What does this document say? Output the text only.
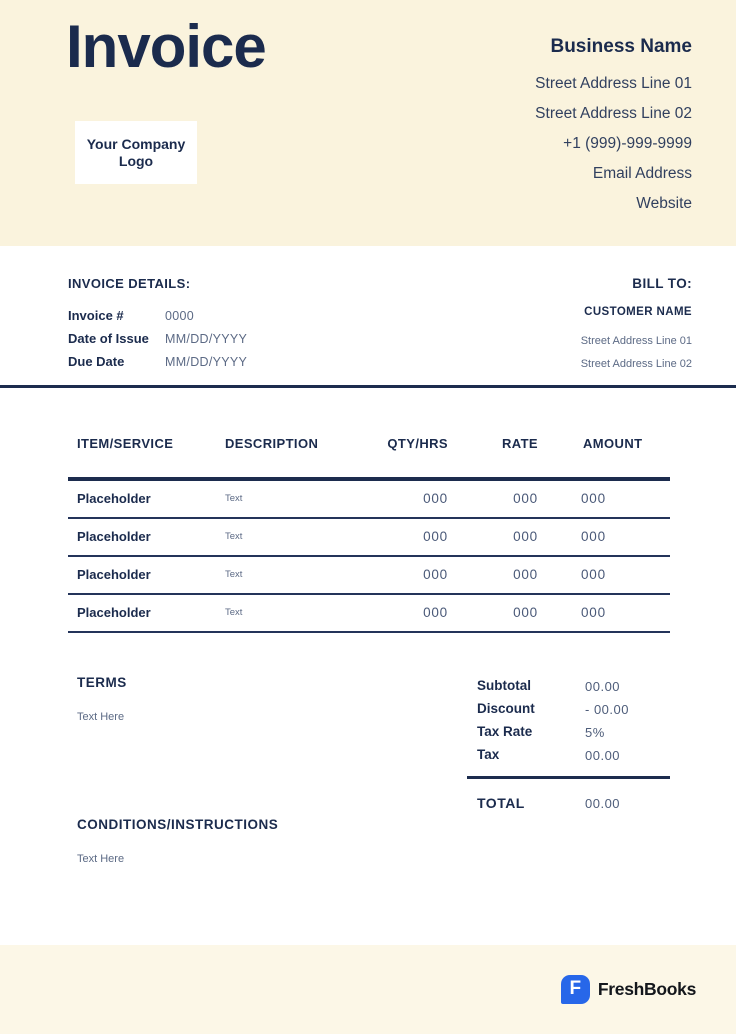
Invoice
Your Company Logo
Business Name
Street Address Line 01
Street Address Line 02
+1 (999)-999-9999
Email Address
Website
INVOICE DETAILS:
Invoice #	0000
Date of Issue	MM/DD/YYYY
Due Date	MM/DD/YYYY
BILL TO:
CUSTOMER NAME
Street Address Line 01
Street Address Line 02
ITEM/SERVICE	DESCRIPTION	QTY/HRS	RATE	AMOUNT
Placeholder	Text	000	000	000
Placeholder	Text	000	000	000
Placeholder	Text	000	000	000
Placeholder	Text	000	000	000
TERMS
Text Here
CONDITIONS/INSTRUCTIONS
Text Here
Subtotal	00.00
Discount	- 00.00
Tax Rate	5%
Tax	00.00
TOTAL	00.00
F FreshBooks
